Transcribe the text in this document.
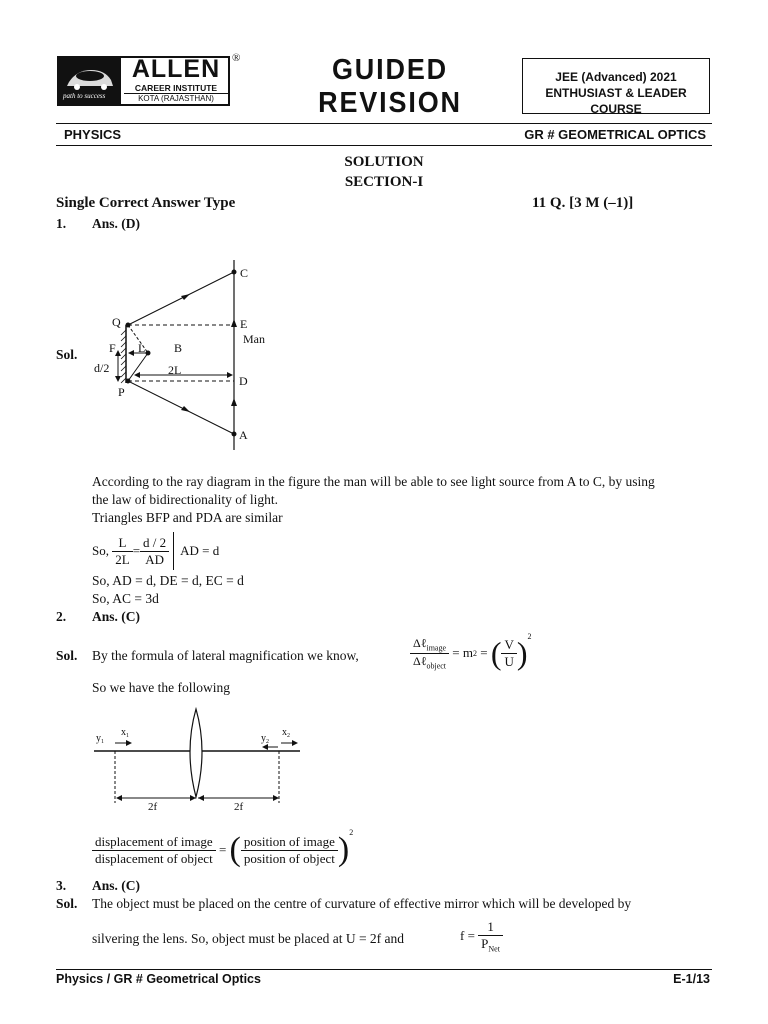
path to success
ALLEN
CAREER INSTITUTE
KOTA (RAJASTHAN)
®	GUIDED
REVISION
JEE (Advanced) 2021
ENTHUSIAST & LEADER COURSE
PHYSICS	GR # GEOMETRICAL OPTICS
SOLUTION
SECTION-I
Single Correct Answer Type	11 Q. [3 M (–1)]
1. Ans. (D)
Sol.
C
E
Man
Q
F L B
d/2	2L
D
P
A
According to the ray diagram in the figure the man will be able to see light source from A to C, by using
the law of bidirectionality of light.
Triangles BFP and PDA are similar
So,
$\frac{L}{2L} = \frac{d / 2}{AD}$ AD = d
So, AD = d, DE = d, EC = d
So, AC = 3d
2. Ans. (C)
Sol. By the formula of lateral magnification we know,	$\frac{\Delta\ell_{image}}{\Delta\ell_{object}}$
= m 2
=
( $\frac{V}{U} )^2$
So we have the following
$y_1$
$x_1$	$y_2$
$x_2$
2f	2f
$\frac{\text{displacement of image}}{\text{displacement of object}}$
=
( $\frac{\text{position of image}}{\text{position of object}} )^2$
3. Ans. (C)
Sol. The object must be placed on the centre of curvature of effective mirror which will be developed by
silvering the lens. So, object must be placed at U = 2f and	f =
$\frac{1}{P_{Net}}$
Physics / GR # Geometrical Optics	E-1/13
